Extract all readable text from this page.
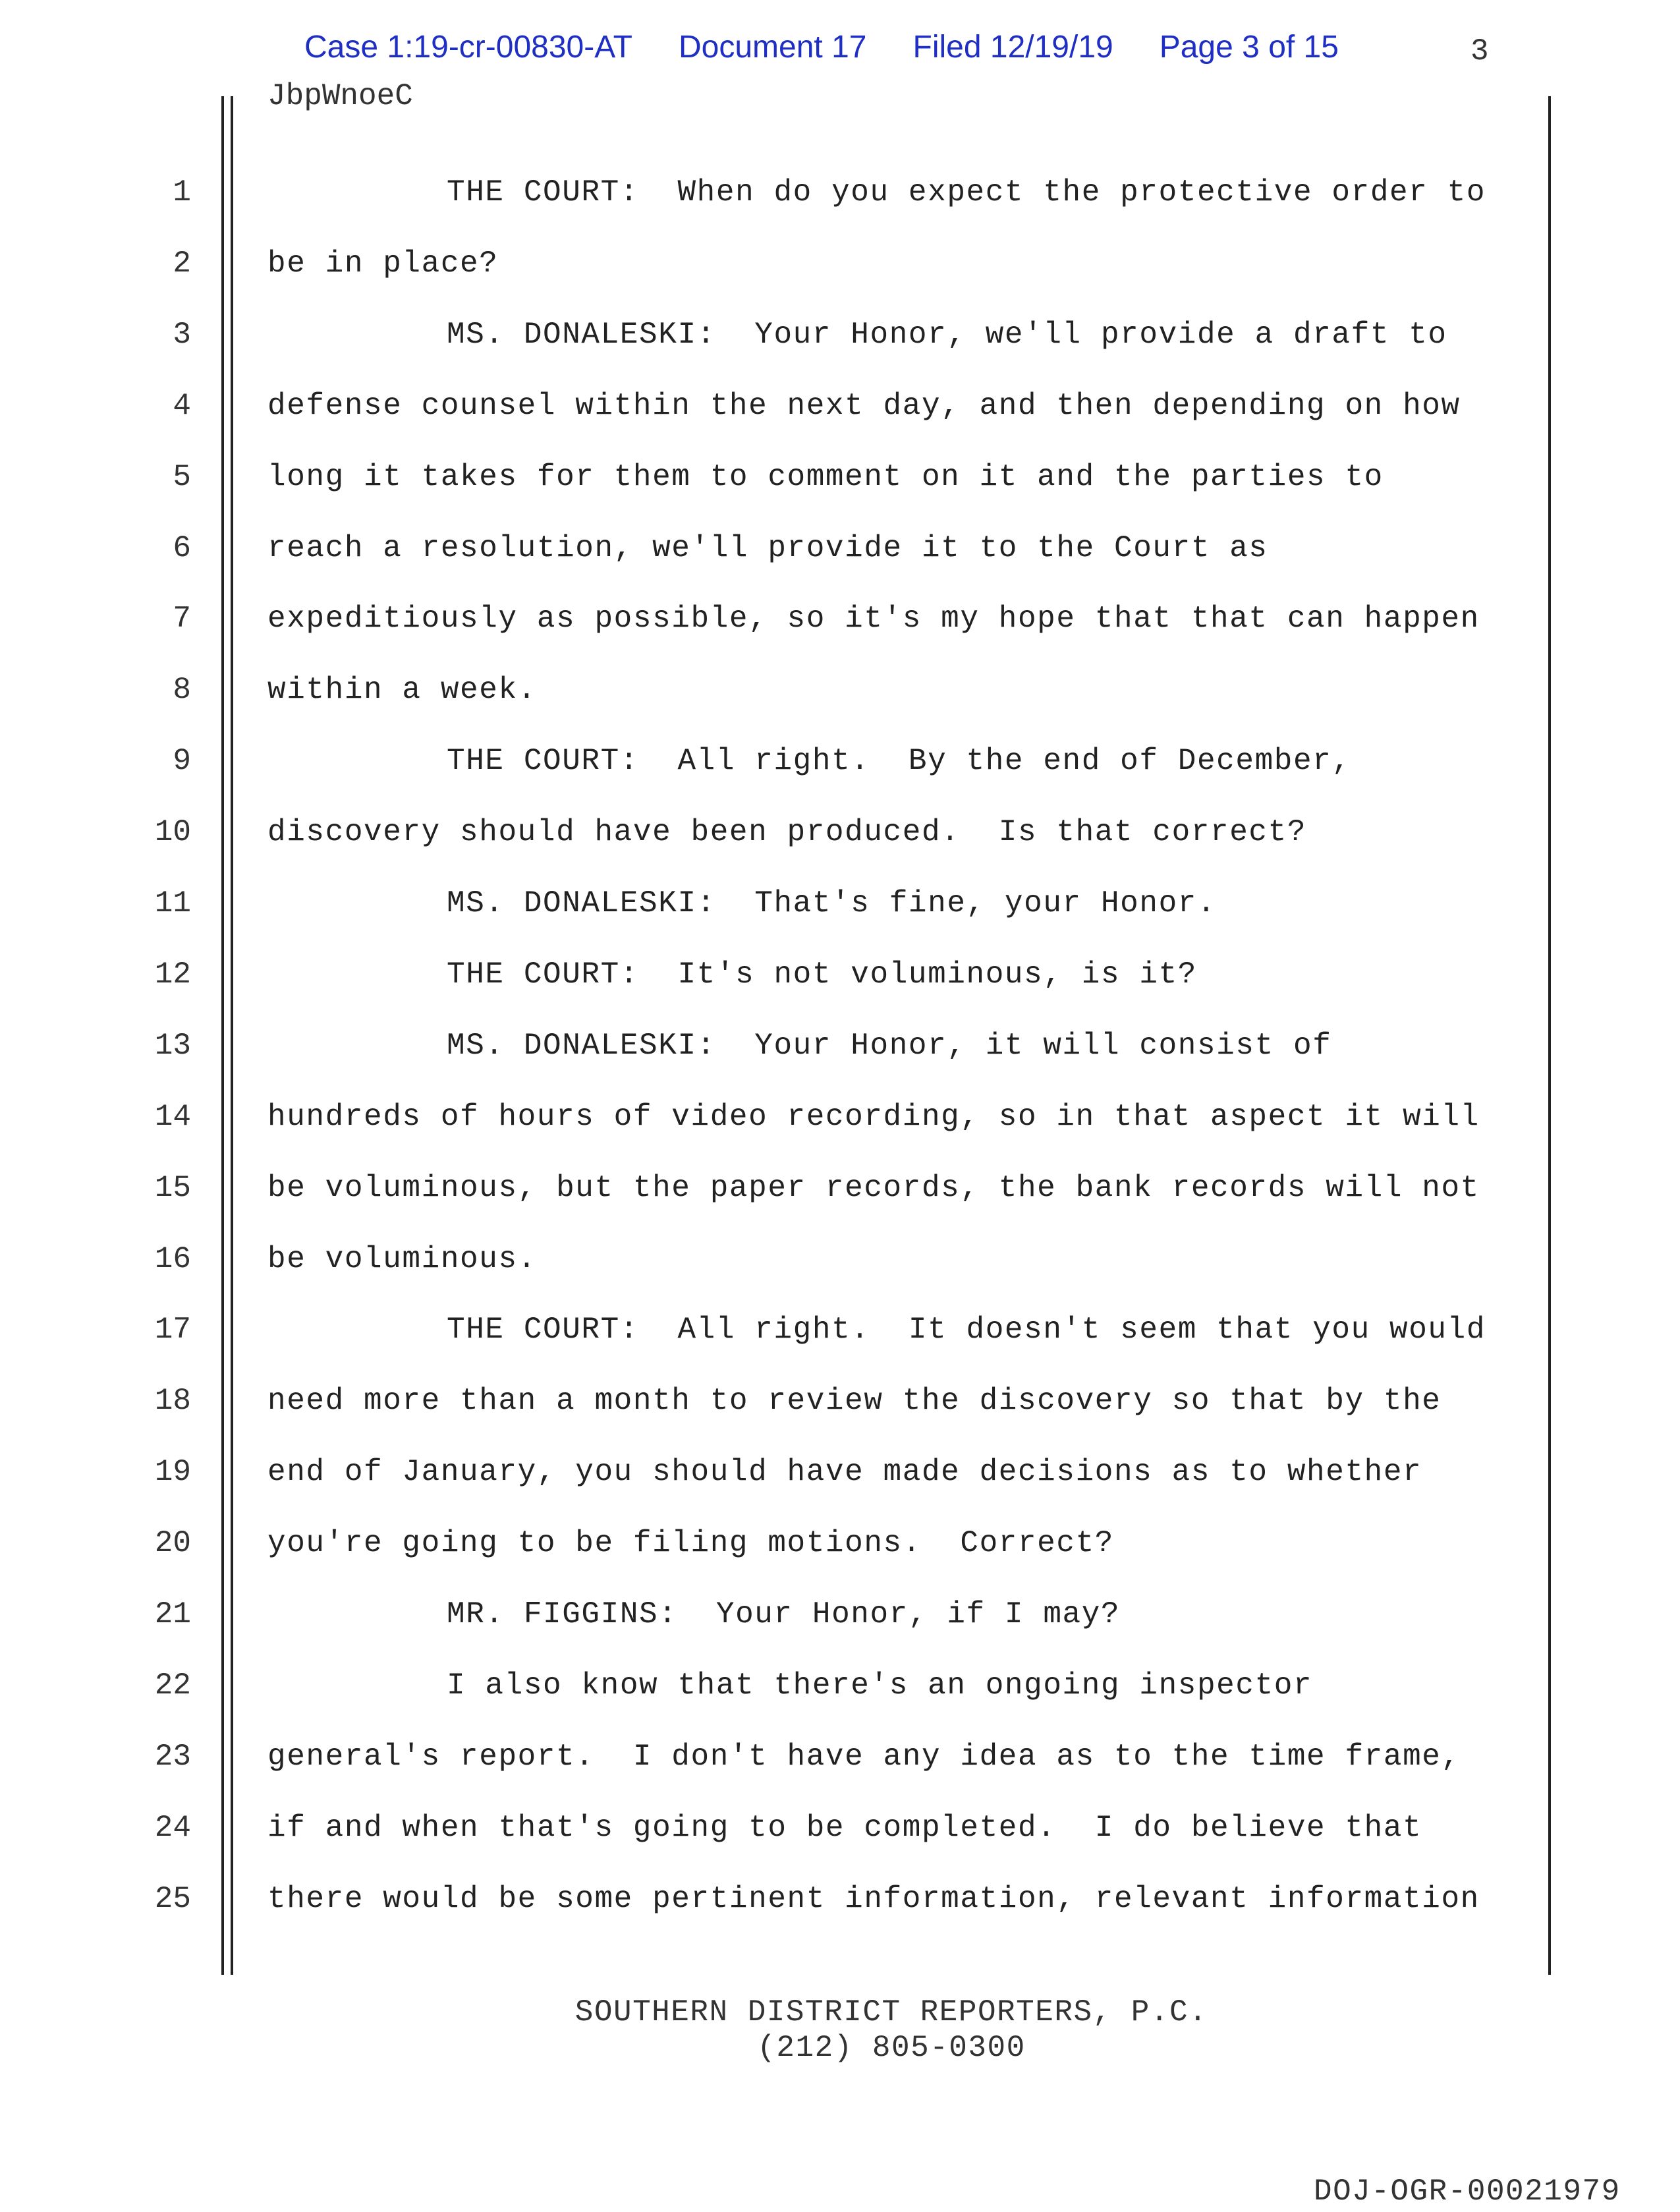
Case 1:19-cr-00830-AT Document 17 Filed 12/19/19 Page 3 of 15	3
JbpWnoeC
1	THE COURT:  When do you expect the protective order to
2	be in place?
3	MS. DONALESKI:  Your Honor, we'll provide a draft to
4	defense counsel within the next day, and then depending on how
5	long it takes for them to comment on it and the parties to
6	reach a resolution, we'll provide it to the Court as
7	expeditiously as possible, so it's my hope that that can happen
8	within a week.
9	THE COURT:  All right.  By the end of December,
10	discovery should have been produced.  Is that correct?
11	MS. DONALESKI:  That's fine, your Honor.
12	THE COURT:  It's not voluminous, is it?
13	MS. DONALESKI:  Your Honor, it will consist of
14	hundreds of hours of video recording, so in that aspect it will
15	be voluminous, but the paper records, the bank records will not
16	be voluminous.
17	THE COURT:  All right.  It doesn't seem that you would
18	need more than a month to review the discovery so that by the
19	end of January, you should have made decisions as to whether
20	you're going to be filing motions.  Correct?
21	MR. FIGGINS:  Your Honor, if I may?
22	I also know that there's an ongoing inspector
23	general's report.  I don't have any idea as to the time frame,
24	if and when that's going to be completed.  I do believe that
25	there would be some pertinent information, relevant information
SOUTHERN DISTRICT REPORTERS, P.C.
(212) 805-0300
DOJ-OGR-00021979
